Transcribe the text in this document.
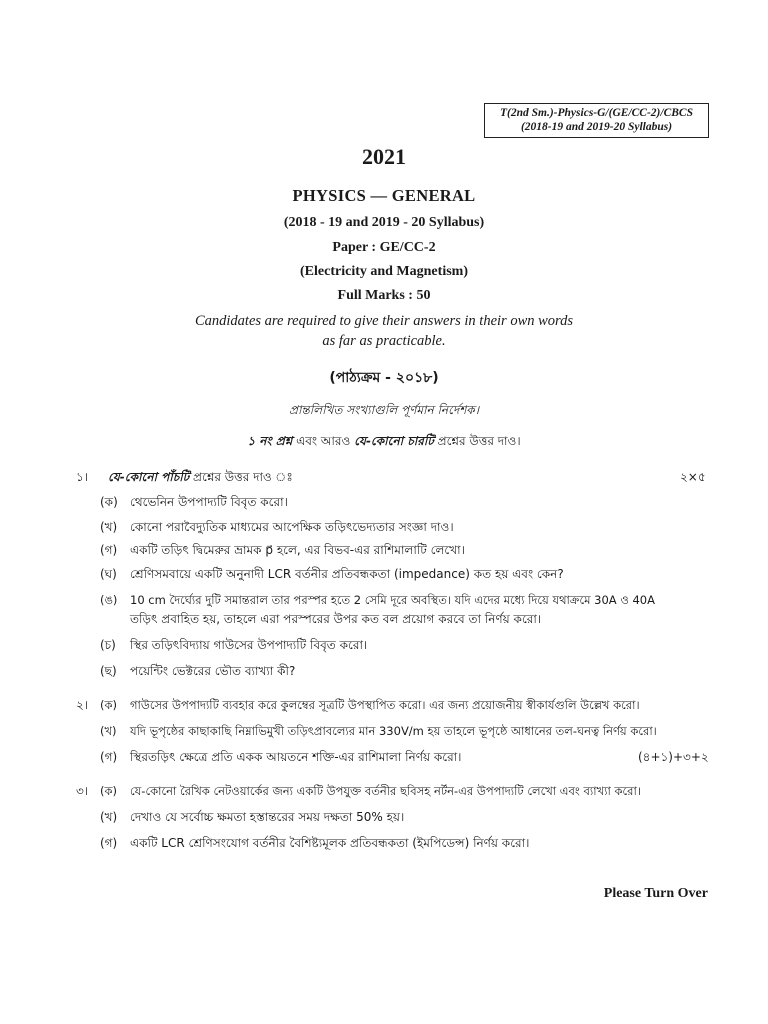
T(2nd Sm.)-Physics-G/(GE/CC-2)/CBCS
(2018-19 and 2019-20 Syllabus)
2021
PHYSICS — GENERAL
(2018 - 19 and 2019 - 20 Syllabus)
Paper : GE/CC-2
(Electricity and Magnetism)
Full Marks : 50
Candidates are required to give their answers in their own words
as far as practicable.
(পাঠ্যক্রম - ২০১৮)
প্রান্তলিখিত সংখ্যাগুলি পূর্ণমান নির্দেশক।
১ নং প্রশ্ন এবং আরও যে-কোনো চারটি প্রশ্নের উত্তর দাও।
১। যে-কোনো পাঁচটি প্রশ্নের উত্তর দাও ঃ	২×৫
(ক) থেভেনিন উপপাদ্যটি বিবৃত করো।
(খ) কোনো পরাবৈদ্যুতিক মাধ্যমের আপেক্ষিক তড়িৎভেদ্যতার সংজ্ঞা দাও।
(গ) একটি তড়িৎ দ্বিমেরুর ভ্রামক p⃗ হলে, এর বিভব-এর রাশিমালাটি লেখো।
(ঘ) শ্রেণিসমবায়ে একটি অনুনাদী LCR বর্তনীর প্রতিবন্ধকতা (impedance) কত হয় এবং কেন?
(ঙ) 10 cm দৈর্ঘ্যের দুটি সমান্তরাল তার পরস্পর হতে 2 সেমি দূরে অবস্থিত। যদি এদের মধ্যে দিয়ে যথাক্রমে 30A ও 40A
তড়িৎ প্রবাহিত হয়, তাহলে এরা পরস্পরের উপর কত বল প্রয়োগ করবে তা নির্ণয় করো।
(চ) স্থির তড়িৎবিদ্যায় গাউসের উপপাদ্যটি বিবৃত করো।
(ছ) পয়েন্টিং ভেক্টরের ভৌত ব্যাখ্যা কী?
২। (ক) গাউসের উপপাদ্যটি ব্যবহার করে কুলম্বের সূত্রটি উপস্থাপিত করো। এর জন্য প্রয়োজনীয় স্বীকার্যগুলি উল্লেখ করো।
(খ) যদি ভূপৃষ্ঠের কাছাকাছি নিম্নাভিমুখী তড়িৎপ্রাবল্যের মান 330V/m হয় তাহলে ভূপৃষ্ঠে আধানের তল-ঘনত্ব নির্ণয় করো।
(গ) স্থিরতড়িৎ ক্ষেত্রে প্রতি একক আয়তনে শক্তি-এর রাশিমালা নির্ণয় করো।	(৪+১)+৩+২
৩। (ক) যে-কোনো রৈখিক নেটওয়ার্কের জন্য একটি উপযুক্ত বর্তনীর ছবিসহ নর্টন-এর উপপাদ্যটি লেখো এবং ব্যাখ্যা করো।
(খ) দেখাও যে সর্বোচ্চ ক্ষমতা হস্তান্তরের সময় দক্ষতা 50% হয়।
(গ) একটি LCR শ্রেণিসংযোগ বর্তনীর বৈশিষ্ট্যমূলক প্রতিবন্ধকতা (ইমপিডেন্স) নির্ণয় করো।
Please Turn Over
